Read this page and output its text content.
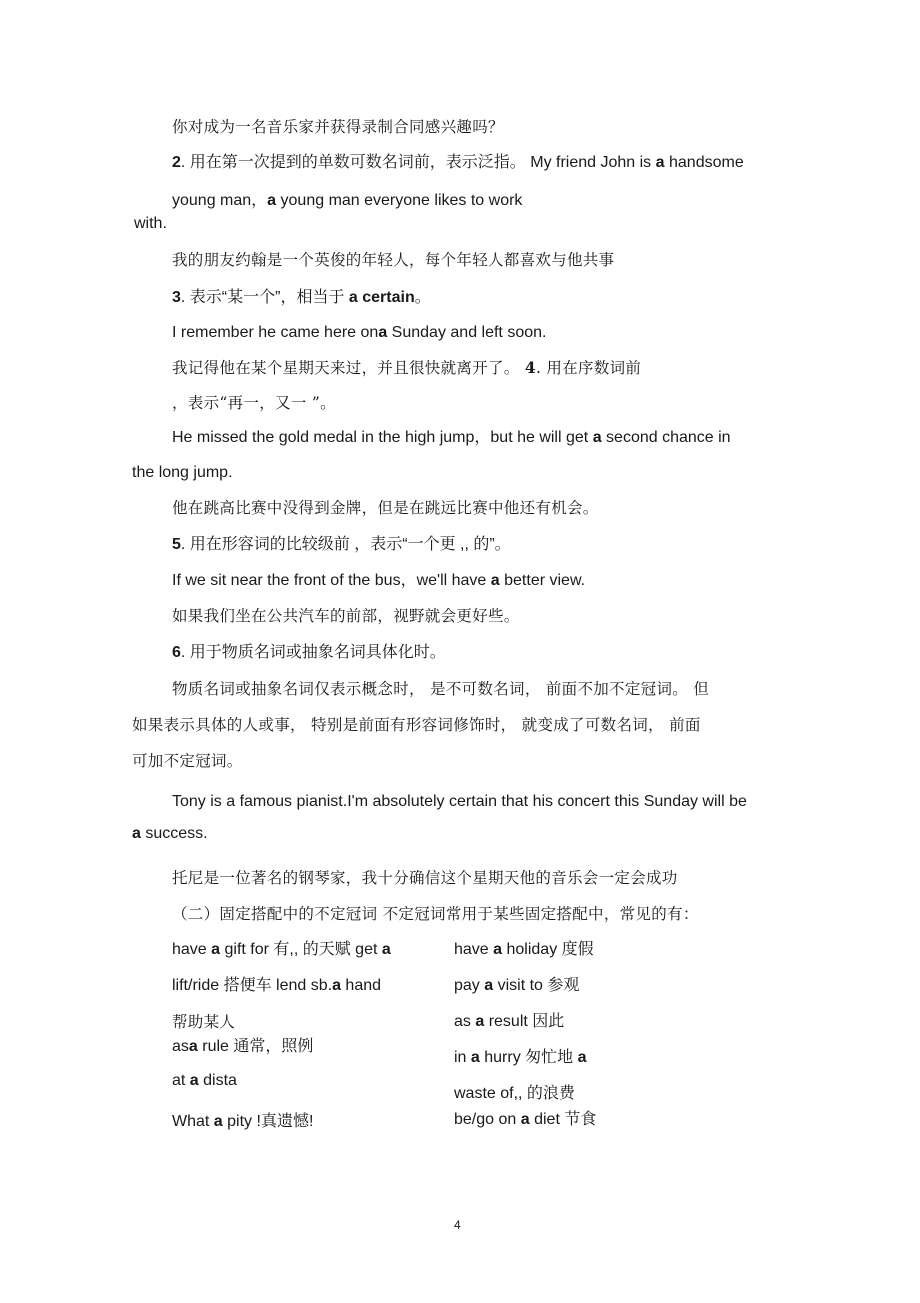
你对成为一名音乐家并获得录制合同感兴趣吗？
2. 用在第一次提到的单数可数名词前，表示泛指。 My friend John is a handsome
young man，a young man everyone likes to work
with.
我的朋友约翰是一个英俊的年轻人，每个年轻人都喜欢与他共事
3. 表示“某一个”，相当于 a certain。
I remember he came here ona Sunday and left soon.
我记得他在某个星期天来过，并且很快就离开了。 4. 用在序数词前
，表示“再一，又一 ”。
He missed the gold medal in the high jump，but he will get a second chance in
the long jump.
他在跳高比赛中没得到金牌，但是在跳远比赛中他还有机会。
5. 用在形容词的比较级前 ，表示“一个更 ,, 的”。
If we sit near the front of the bus，we'll have a better view.
如果我们坐在公共汽车的前部，视野就会更好些。
6. 用于物质名词或抽象名词具体化时。
物质名词或抽象名词仅表示概念时， 是不可数名词， 前面不加不定冠词。 但
如果表示具体的人或事， 特别是前面有形容词修饰时， 就变成了可数名词， 前面
可加不定冠词。
Tony is a famous pianist.I'm absolutely certain that his concert this Sunday will be
a success.
托尼是一位著名的钢琴家，我十分确信这个星期天他的音乐会一定会成功
（二）固定搭配中的不定冠词 不定冠词常用于某些固定搭配中，常见的有：
have a gift for 有,, 的天赋 get a
lift/ride 搭便车 lend sb.a hand
帮助某人
asa rule 通常，照例
at a dista
What a pity !真遗憾!
have a holiday 度假
pay a visit to 参观
as a result 因此
in a hurry 匆忙地 a
waste of,, 的浪费
be/go on a diet 节食
4
